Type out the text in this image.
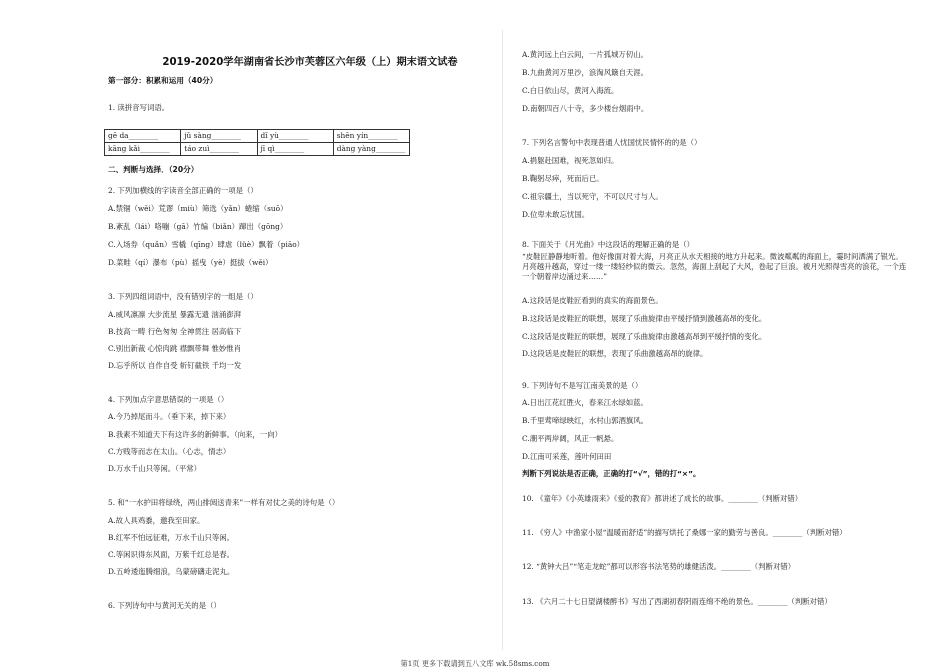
2019-2020学年湖南省长沙市芙蓉区六年级（上）期末语文试卷
第一部分：积累和运用（40分）
1. 读拼音写词语。
gē da________	jǔ sàng________	dǐ yù________	shēn yín________
kāng kǎi________	táo zuì________	jī qì________	dàng yàng________
二、判断与选择．（20分）
2. 下列加横线的字读音全部正确的一项是（）
A.禁锢（wěi）荒谬（miù）筛选（yǎn）蜷缩（suō）
B.紊乱（lái）咯嘣（gā）竹编（biǎn）蹿出（gōng）
C.入场券（quǎn）雪橇（qīng）肆虐（lüè）飘着（piāo）
D.菜畦（qí）瀑布（pù）摇曳（yè）挺拔（wěi）
3. 下列四组词语中，没有错别字的一组是（）
A.威风凛凛 大步流星 暴露无遗 汹涌澎湃
B.技高一畴 行色匆匆 全神贯注 居高临下
C.别出新裁 心惊肉跳 襟飘带舞 惟妙惟肖
D.忘乎所以 自作自受 斩钉截铁 千均一发
4. 下列加点字意思错误的一项是（）
A.今乃掉尾而斗。（垂下来，掉下来）
B.我素不知道天下有这许多的新鲜事。（向来，一向）
C.方贱等而志在太山。（心志，情志）
D.万水千山只等闲。（平常）
5. 和“一水护田将绿绕，两山排闼送青来”一样有对仗之美的诗句是（）
A.故人具鸡黍，邀我至田家。
B.红军不怕远征难，万水千山只等闲。
C.等闲识得东风面，万紫千红总是春。
D.五岭逶迤腾细浪，乌蒙磅礴走泥丸。
6. 下列诗句中与黄河无关的是（）
A.黄河远上白云间，一片孤城万仞山。
B.九曲黄河万里沙，浪淘风簸自天涯。
C.白日依山尽，黄河入海流。
D.南朝四百八十寺，多少楼台烟雨中。
7. 下列名言警句中表现普通人忧国忧民情怀的的是（）
A.捐躯赴国难，视死忽如归。
B.鞠躬尽瘁，死而后已。
C.祖宗疆土，当以死守，不可以尺寸与人。
D.位卑未敢忘忧国。
8. 下面关于《月光曲》中这段话的理解正确的是（）
“皮鞋匠静静地听着。他好像面对着大海，月亮正从水天相接的地方升起来。微波粼粼的海面上，霎时间洒满了银光。月亮越升越高，穿过一缕一缕轻纱似的微云。忽然，海面上刮起了大风，卷起了巨浪。被月光照得雪亮的浪花，一个连一个朝着岸边涌过来……”
A.这段话是皮鞋匠看到的真实的海面景色。
B.这段话是皮鞋匠的联想，展现了乐曲旋律由平缓抒情到激越高昂的变化。
C.这段话是皮鞋匠的联想，展现了乐曲旋律由激越高昂到平缓抒情的变化。
D.这段话是皮鞋匠的联想，表现了乐曲激越高昂的旋律。
9. 下列诗句不是写江南美景的是（）
A.日出江花红胜火，春来江水绿如蓝。
B.千里莺啼绿映红，水村山郭酒旗风。
C.潮平两岸阔，风正一帆悬。
D.江南可采莲，莲叶何田田
判断下列说法是否正确，正确的打“√”，错的打“×”。
10. 《童年》《小英雄雨来》《爱的教育》都讲述了成长的故事。________（判断对错）
11. 《穷人》中渔家小屋“温暖而舒适”的描写烘托了桑娜一家的勤劳与善良。________（判断对错）
12. “黄钟大吕”“笔走龙蛇”都可以形容书法笔势的雄健活泼。________（判断对错）
13. 《六月二十七日望湖楼醉书》写出了西湖初春阴雨连绵不绝的景色。________（判断对错）
第1页 更多下载请到五八文库 wk.58sms.com
